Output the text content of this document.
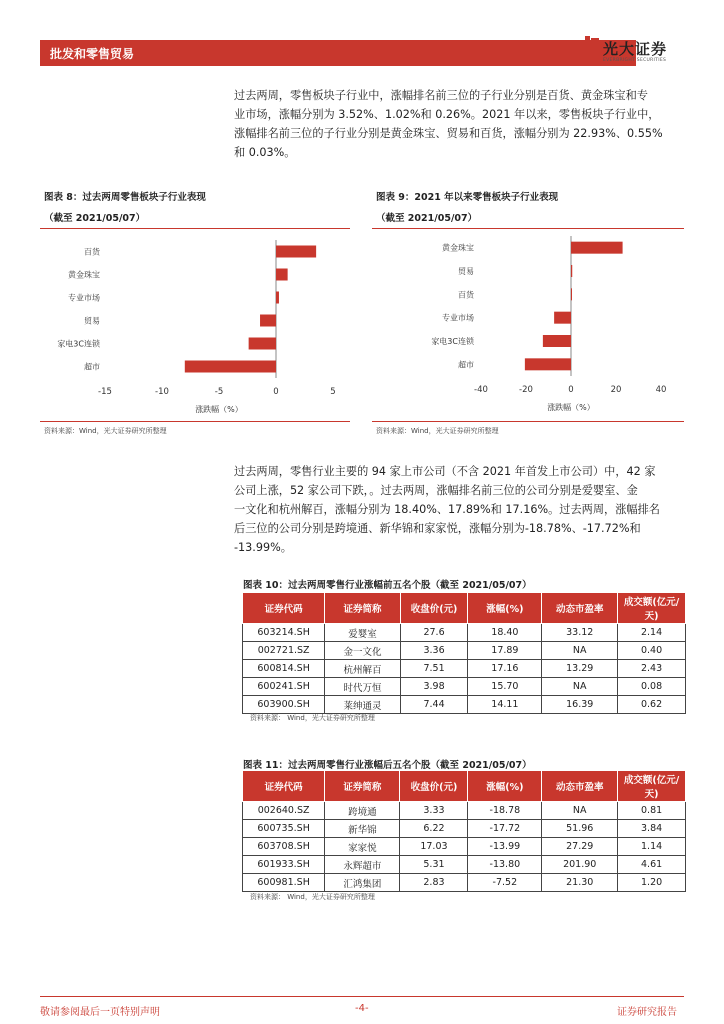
批发和零售贸易	光大证券
EVERBRIGHT SECURITIES
过去两周，零售板块子行业中，涨幅排名前三位的子行业分别是百货、黄金珠宝和专
业市场，涨幅分别为 3.52%、1.02%和 0.26%。2021 年以来，零售板块子行业中，
涨幅排名前三位的子行业分别是黄金珠宝、贸易和百货，涨幅分别为 22.93%、0.55%
和 0.03%。
图表 8：过去两周零售板块子行业表现
（截至 2021/05/07）
百货
黄金珠宝
专业市场
贸易
家电3C连锁
超市
-15	-10	-5	0	5
涨跌幅（%）
资料来源：Wind，光大证券研究所整理
图表 9：2021 年以来零售板块子行业表现
（截至 2021/05/07）
黄金珠宝
贸易
百货
专业市场
家电3C连锁
超市
-40	-20	0	20	40
涨跌幅（%）
资料来源：Wind，光大证券研究所整理
过去两周，零售行业主要的 94 家上市公司（不含 2021 年首发上市公司）中，42 家
公司上涨，52 家公司下跌，。过去两周，涨幅排名前三位的公司分别是爱婴室、金
一文化和杭州解百，涨幅分别为 18.40%、17.89%和 17.16%。过去两周，涨幅排名
后三位的公司分别是跨境通、新华锦和家家悦，涨幅分别为-18.78%、-17.72%和
-13.99%。
图表 10：过去两周零售行业涨幅前五名个股（截至 2021/05/07）
证券代码	证券简称	收盘价(元)	涨幅(%)	动态市盈率	成交额(亿元/天)
603214.SH	爱婴室	27.6	18.40	33.12	2.14
002721.SZ	金一文化	3.36	17.89	NA	0.40
600814.SH	杭州解百	7.51	17.16	13.29	2.43
600241.SH	时代万恒	3.98	15.70	NA	0.08
603900.SH	莱绅通灵	7.44	14.11	16.39	0.62
资料来源： Wind，光大证券研究所整理
图表 11：过去两周零售行业涨幅后五名个股（截至 2021/05/07）
证券代码	证券简称	收盘价(元)	涨幅(%)	动态市盈率	成交额(亿元/天)
002640.SZ	跨境通	3.33	-18.78	NA	0.81
600735.SH	新华锦	6.22	-17.72	51.96	3.84
603708.SH	家家悦	17.03	-13.99	27.29	1.14
601933.SH	永辉超市	5.31	-13.80	201.90	4.61
600981.SH	汇鸿集团	2.83	-7.52	21.30	1.20
资料来源： Wind，光大证券研究所整理
敬请参阅最后一页特别声明	-4-	证券研究报告
